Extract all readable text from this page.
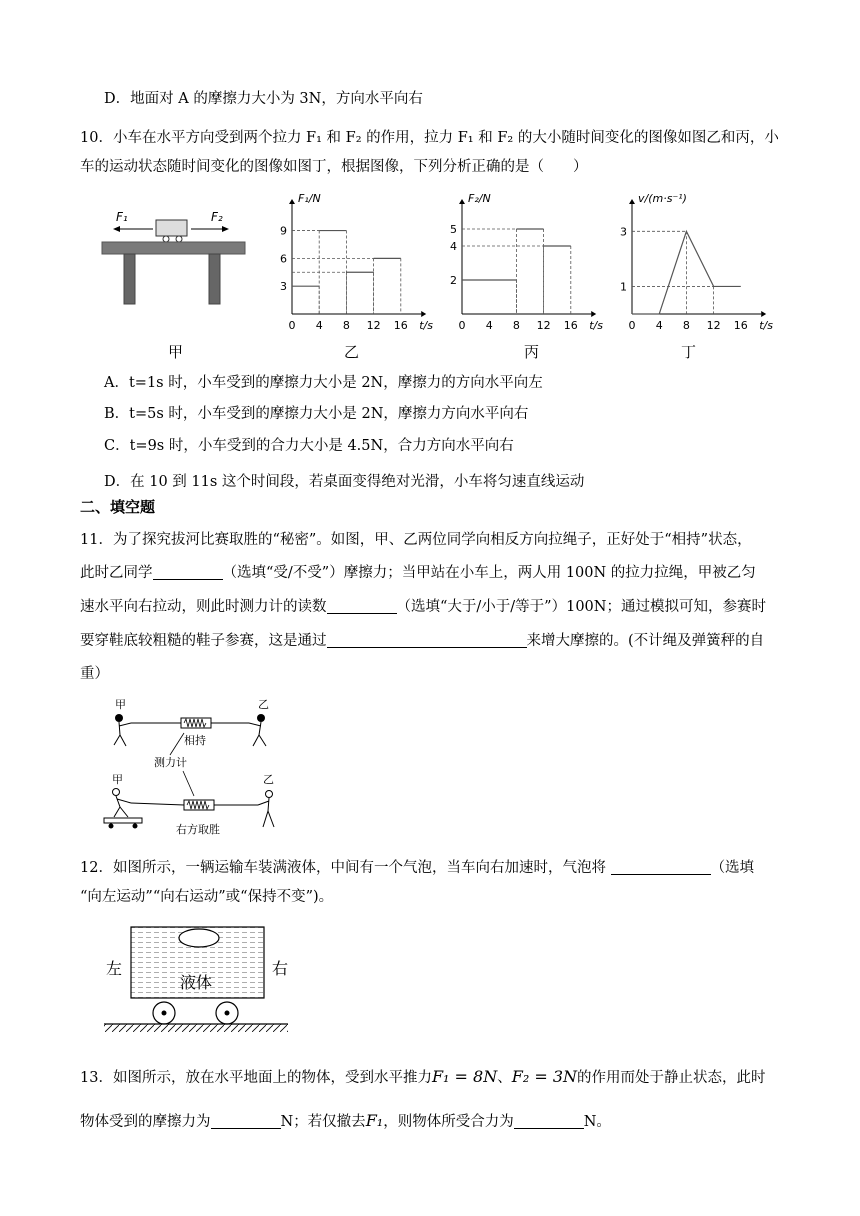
D．地面对 A 的摩擦力大小为 3N，方向水平向右
10．小车在水平方向受到两个拉力 F₁ 和 F₂ 的作用，拉力 F₁ 和 F₂ 的大小随时间变化的图像如图乙和丙，小
车的运动状态随时间变化的图像如图丁，根据图像，下列分析正确的是（　　）
F₁	F₂
F₁/N
t/s
0 4 8 12 16
3
6
9
F₂/N
t/s
0 4 8 12 16
2
4
5
v/(m·s⁻¹)
t/s
0 4 8 12 16
1
3
甲	乙	丙	丁
A．t=1s 时，小车受到的摩擦力大小是 2N，摩擦力的方向水平向左
B．t=5s 时，小车受到的摩擦力大小是 2N，摩擦力方向水平向右
C．t=9s 时，小车受到的合力大小是 4.5N，合力方向水平向右
D．在 10 到 11s 这个时间段，若桌面变得绝对光滑，小车将匀速直线运动
二、填空题
11．为了探究拔河比赛取胜的“秘密”。如图，甲、乙两位同学向相反方向拉绳子，正好处于“相持”状态，
此时乙同学	（选填“受/不受”）摩擦力；当甲站在小车上，两人用 100N 的拉力拉绳，甲被乙匀
速水平向右拉动，则此时测力计的读数	（选填“大于/小于/等于”）100N；通过模拟可知，参赛时
要穿鞋底较粗糙的鞋子参赛，这是通过	来增大摩擦的。(不计绳及弹簧秤的自
重）
甲	乙
相持
测力计
甲	乙
右方取胜
12．如图所示，一辆运输车装满液体，中间有一个气泡，当车向右加速时，气泡将	（选填
“向左运动”“向右运动”或“保持不变”)。
左	右
液体
13．如图所示，放在水平地面上的物体，受到水平推力F₁ = 8N、F₂ = 3N的作用而处于静止状态，此时
物体受到的摩擦力为	N；若仅撤去F₁，则物体所受合力为	N。
